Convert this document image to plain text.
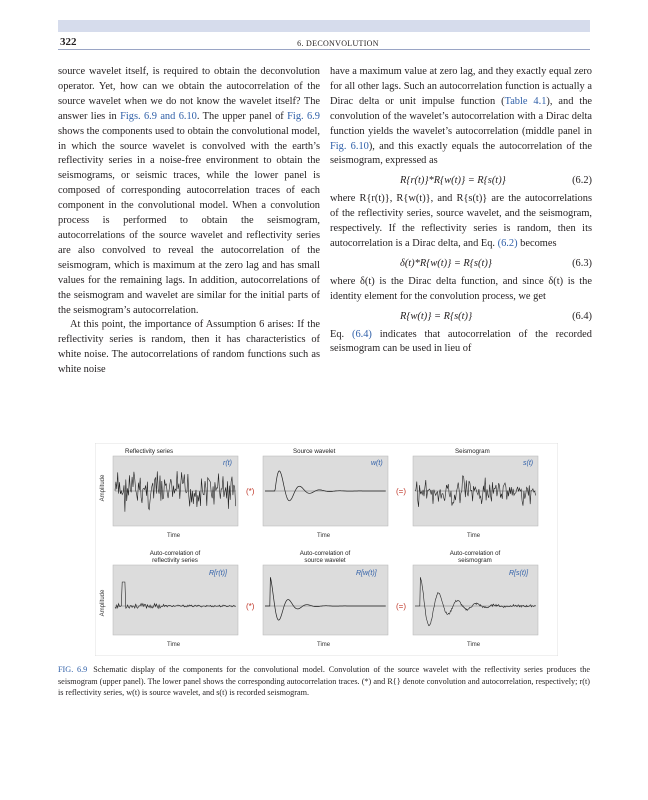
322	6. DECONVOLUTION

source wavelet itself, is required to obtain the deconvolution operator. Yet, how can we obtain the autocorrelation of the source wavelet when we do not know the wavelet itself? The answer lies in Figs. 6.9 and 6.10. The upper panel of Fig. 6.9 shows the components used to obtain the convolutional model, in which the source wavelet is convolved with the earth’s reflectivity series in a noise-free environment to obtain the seismograms, or seismic traces, while the lower panel is composed of corresponding autocorrelation traces of each component in the convolutional model. When a convolution process is performed to obtain the seismogram, autocorrelations of the source wavelet and reflectivity series are also convolved to reveal the autocorrelation of the seismogram, which is maximum at the zero lag and has small values for the remaining lags. In addition, autocorrelations of the seismogram and wavelet are similar for the initial parts of the seismogram’s autocorrelation.

At this point, the importance of Assumption 6 arises: If the reflectivity series is random, then it has characteristics of white noise. The autocorrelations of random functions such as white noise

have a maximum value at zero lag, and they exactly equal zero for all other lags. Such an autocorrelation function is actually a Dirac delta or unit impulse function (Table 4.1), and the convolution of the wavelet’s autocorrelation with a Dirac delta function yields the wavelet’s autocorrelation (middle panel in Fig. 6.10), and this exactly equals the autocorrelation of the seismogram, expressed as

R{r(t)}*R{w(t)} = R{s(t)}	(6.2)

where R{r(t)}, R{w(t)}, and R{s(t)} are the autocorrelations of the reflectivity series, source wavelet, and the seismogram, respectively. If the reflectivity series is random, then its autocorrelation is a Dirac delta, and Eq. (6.2) becomes

δ(t)*R{w(t)} = R{s(t)}	(6.3)

where δ(t) is the Dirac delta function, and since δ(t) is the identity element for the convolution process, we get

R{w(t)} = R{s(t)}	(6.4)

Eq. (6.4) indicates that autocorrelation of the recorded seismogram can be used in lieu of

Amplitude
Amplitude
Reflectivity series
r(t)
Time
(*)
Source wavelet
w(t)
Time
(=)
Seismogram
s(t)
Time
Auto-correlation of
reflectivity series
R[r(t)]
Time
(*)
Auto-correlation of
source wavelet
R[w(t)]
Time
(=)
Auto-correlation of
seismogram
R[s(t)]
Time
FIG. 6.9 Schematic display of the components for the convolutional model. Convolution of the source wavelet with the reflectivity series produces the seismogram (upper panel). The lower panel shows the corresponding autocorrelation traces. (*) and R{} denote convolution and autocorrelation, respectively; r(t) is reflectivity series, w(t) is source wavelet, and s(t) is recorded seismogram.
